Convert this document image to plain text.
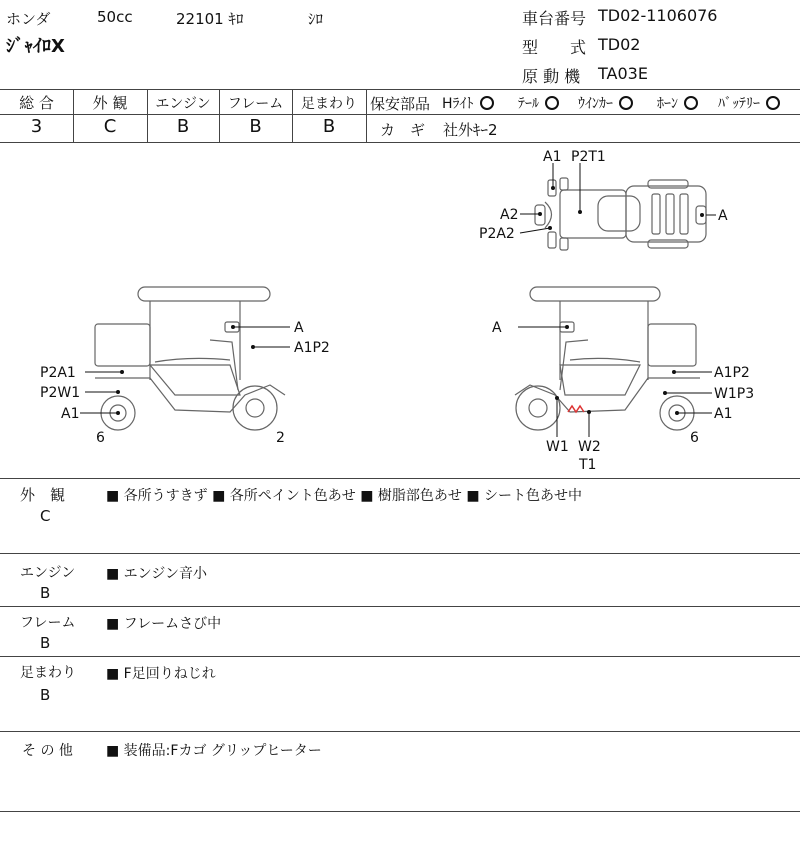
ホンダ	50cc	22101 ｷﾛ	ｼﾛ
ｼﾞｬｲﾛX
車台番号 TD02-1106076
型　　式 TD02
原 動 機 TA03E
総 合	外 観	エンジン	フレーム	足まわり
3	C	B	B	B
保安部品 Hﾗｲﾄ	ﾃｰﾙ	ｳｲﾝｶｰ	ﾎｰﾝ	ﾊﾞｯﾃﾘｰ
カ　ギ 社外ｷｰ2
A1 P2T1
A2
P2A2
A
A
A1P2
P2A1
P2W1
A1
6	2
A
A1P2
W1P3
A1
6
W1 W2
T1
外　観
C
■ 各所うすきず ■ 各所ペイント色あせ ■ 樹脂部色あせ ■ シート色あせ中
エンジン
B
■ エンジン音小
フレーム
B
■ フレームさび中
足まわり
B
■ F足回りねじれ
そ の 他 ■ 装備品:Fカゴ グリップヒーター
